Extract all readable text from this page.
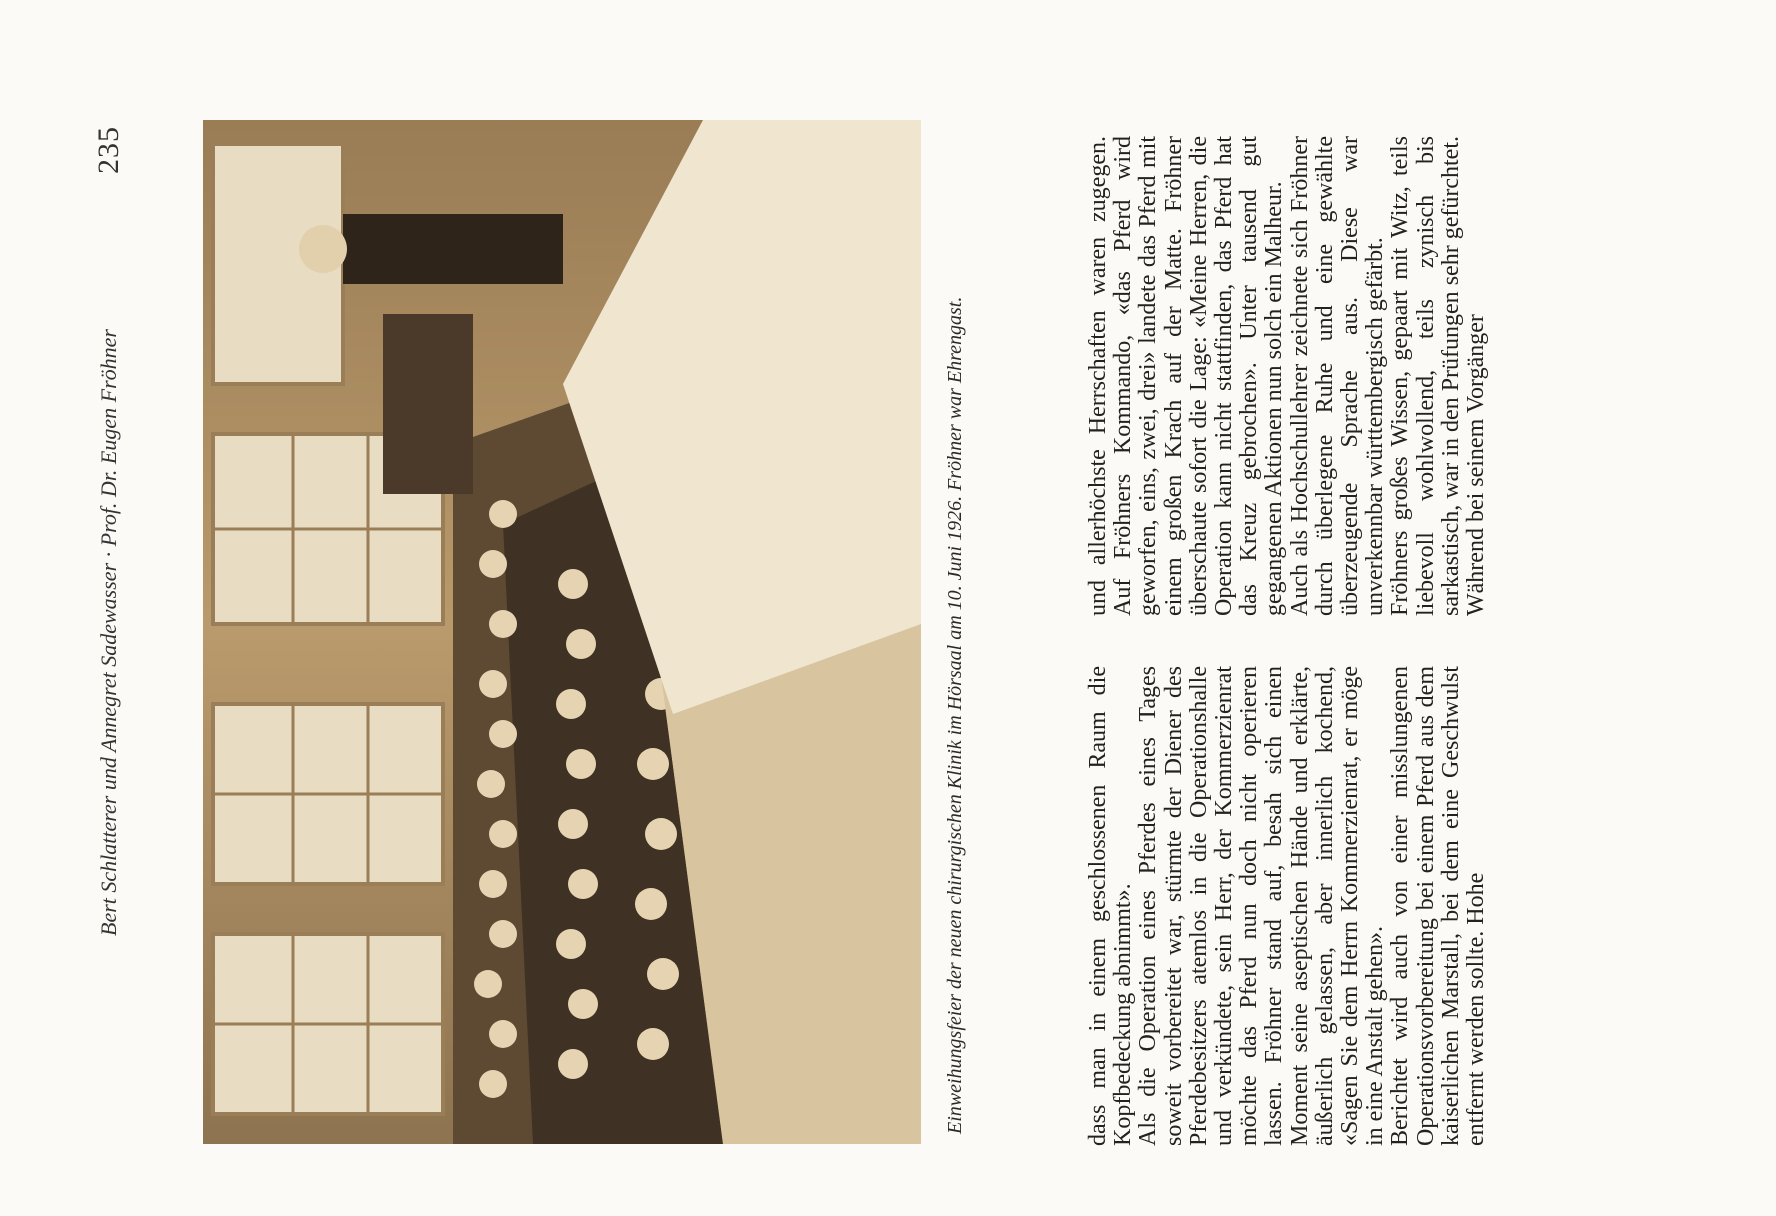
Bert Schlatterer und Annegret Sadewasser · Prof. Dr. Eugen Fröhner
235
Einweihungsfeier der neuen chirurgischen Klinik im Hörsaal am 10. Juni 1926. Fröhner war Ehrengast.	dass man in einem geschlossenen Raum die Kopfbedeckung abnimmt». Als die Operation eines Pferdes eines Tages soweit vorbereitet war, stürmte der Diener des Pferdebesitzers atemlos in die Operationshalle und verkündete, sein Herr, der Kommerzienrat möchte das Pferd nun doch nicht operieren lassen. Fröhner stand auf, besah sich einen Moment seine aseptischen Hände und erklärte, äußerlich gelassen, aber innerlich kochend, «Sagen Sie dem Herrn Kommerzienrat, er möge in eine Anstalt gehen». Berichtet wird auch von einer misslungenen Operationsvorbereitung bei einem Pferd aus dem kaiserlichen Marstall, bei dem eine Geschwulst entfernt werden sollte. Hohe

und allerhöchste Herrschaften waren zugegen. Auf Fröhners Kommando, «das Pferd wird geworfen, eins, zwei, drei» landete das Pferd mit einem großen Krach auf der Matte. Fröhner überschaute sofort die Lage: «Meine Herren, die Operation kann nicht stattfinden, das Pferd hat das Kreuz gebrochen». Unter tausend gut gegangenen Aktionen nun solch ein Malheur. Auch als Hochschullehrer zeichnete sich Fröhner durch überlegene Ruhe und eine gewählte überzeugende Sprache aus. Diese war unverkennbar württembergisch gefärbt. Fröhners großes Wissen, gepaart mit Witz, teils liebevoll wohlwollend, teils zynisch bis sarkastisch, war in den Prüfungen sehr gefürchtet. Während bei seinem Vorgänger
